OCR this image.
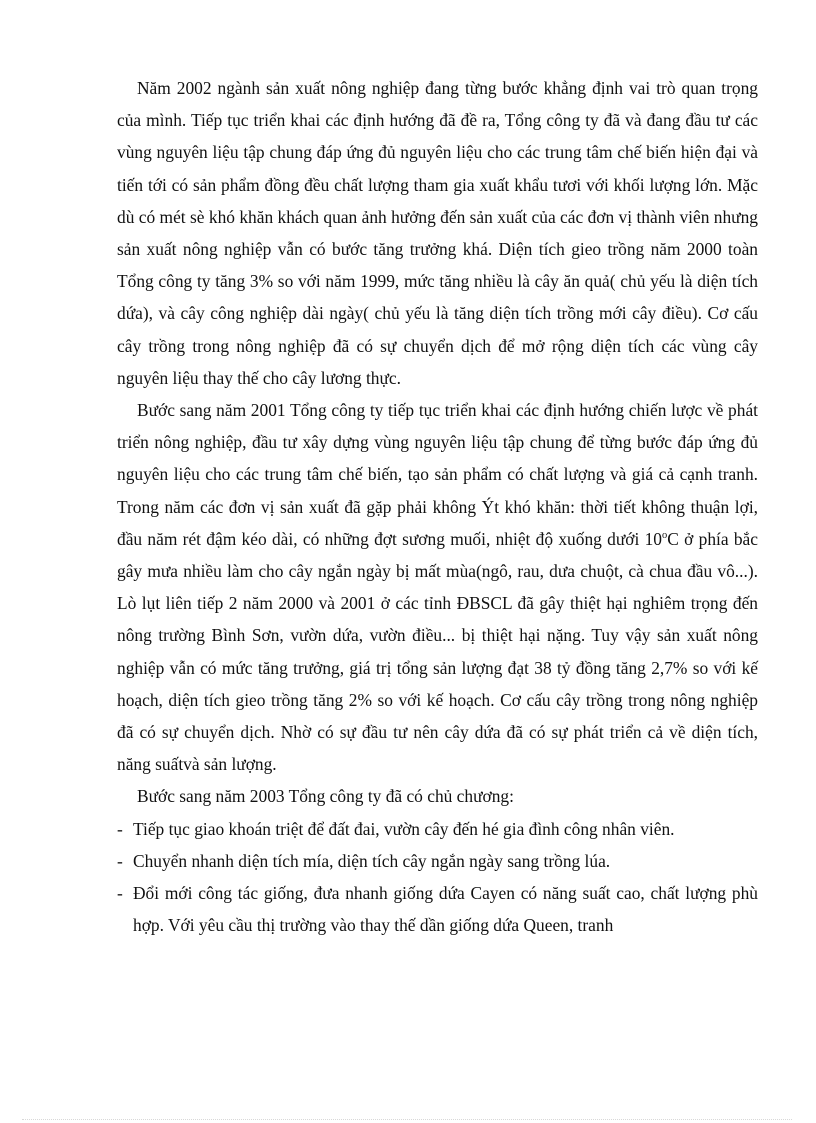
Năm 2002 ngành sản xuất nông nghiệp đang từng bước khẳng định vai trò quan trọng của mình. Tiếp tục triển khai các định hướng đã đề ra, Tổng công ty đã và đang đầu tư các vùng nguyên liệu tập chung đáp ứng đủ nguyên liệu cho các trung tâm chế biến hiện đại và tiến tới có sản phẩm đồng đều chất lượng tham gia xuất khẩu tươi với khối lượng lớn. Mặc dù có mét sè khó khăn khách quan ảnh hưởng đến sản xuất của các đơn vị thành viên nhưng sản xuất nông nghiệp vẫn có bước tăng trưởng khá. Diện tích gieo trồng năm 2000 toàn Tổng công ty tăng 3% so với năm 1999, mức tăng nhiều là cây ăn quả( chủ yếu là diện tích dứa), và cây công nghiệp dài ngày( chủ yếu là tăng diện tích trồng mới cây điều). Cơ cấu cây trồng trong nông nghiệp đã có sự chuyển dịch để mở rộng diện tích các vùng cây nguyên liệu thay thế cho cây lương thực.

Bước sang năm 2001 Tổng công ty tiếp tục triển khai các định hướng chiến lược về phát triển nông nghiệp, đầu tư xây dựng vùng nguyên liệu tập chung để từng bước đáp ứng đủ nguyên liệu cho các trung tâm chế biến, tạo sản phẩm có chất lượng và giá cả cạnh tranh. Trong năm các đơn vị sản xuất đã gặp phải không Ýt khó khăn: thời tiết không thuận lợi, đầu năm rét đậm kéo dài, có những đợt sương muối, nhiệt độ xuống dưới 10$^o$C ở phía bắc gây mưa nhiều làm cho cây ngắn ngày bị mất mùa(ngô, rau, dưa chuột, cà chua đầu vô...). Lò lụt liên tiếp 2 năm 2000 và 2001 ở các tỉnh ĐBSCL đã gây thiệt hại nghiêm trọng đến nông trường Bình Sơn, vườn dứa, vườn điều... bị thiệt hại nặng. Tuy vậy sản xuất nông nghiệp vẫn có mức tăng trưởng, giá trị tổng sản lượng đạt 38 tỷ đồng tăng 2,7% so với kế hoạch, diện tích gieo trồng tăng 2% so với kế hoạch. Cơ cấu cây trồng trong nông nghiệp đã có sự chuyển dịch. Nhờ có sự đầu tư nên cây dứa đã có sự phát triển cả về diện tích, năng suấtvà sản lượng.

Bước sang năm 2003 Tổng công ty đã có chủ chương:

- Tiếp tục giao khoán triệt để đất đai, vườn cây đến hé gia đình công nhân viên.
- Chuyển nhanh diện tích mía, diện tích cây ngắn ngày sang trồng lúa.
- Đổi mới công tác giống, đưa nhanh giống dứa Cayen có năng suất cao, chất lượng phù hợp. Với yêu cầu thị trường vào thay thế dần giống dứa Queen, tranh
